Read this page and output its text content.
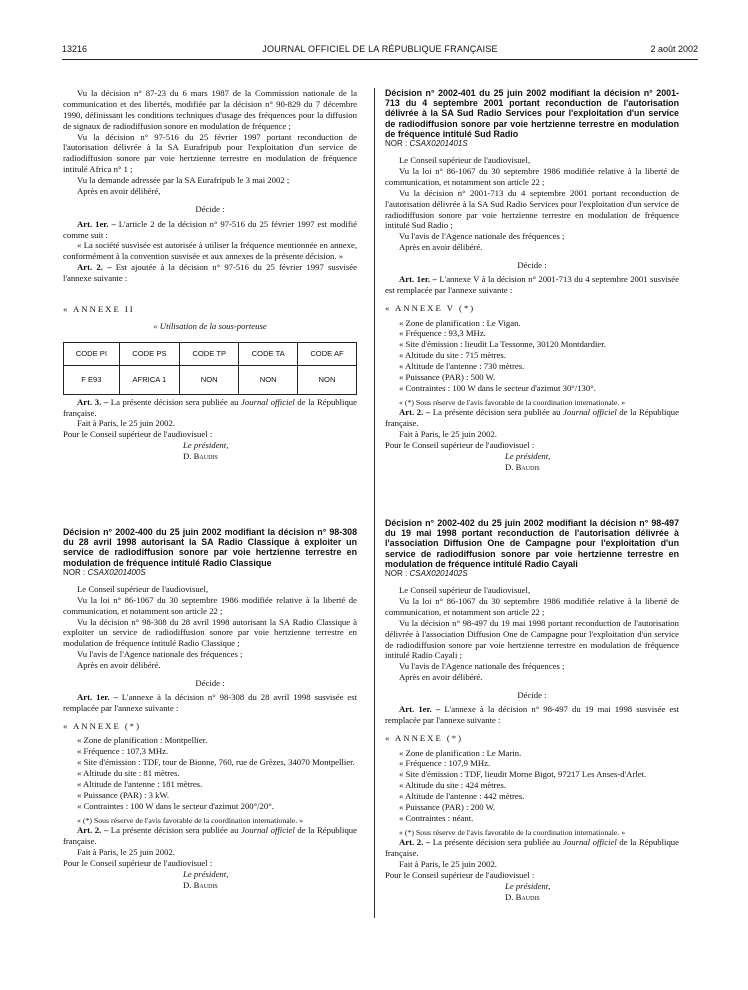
13216	JOURNAL OFFICIEL DE LA RÉPUBLIQUE FRANÇAISE	2 août 2002

Vu la décision n° 87-23 du 6 mars 1987 de la Commission nationale de la communication et des libertés, modifiée par la décision n° 90-829 du 7 décembre 1990, définissant les conditions techniques d'usage des fréquences pour la diffusion de signaux de radiodiffusion sonore en modulation de fréquence ;

Vu la décision n° 97-516 du 25 février 1997 portant reconduction de l'autorisation délivrée à la SA Eurafripub pour l'exploitation d'un service de radiodiffusion sonore par voie hertzienne terrestre en modulation de fréquence intitulé Africa n° 1 ;

Vu la demande adressée par la SA Eurafripub le 3 mai 2002 ;

Après en avoir délibéré,

Décide :

Art. 1er. – L'article 2 de la décision n° 97-516 du 25 février 1997 est modifié comme suit :

« La société susvisée est autorisée à utiliser la fréquence mentionnée en annexe, conformément à la convention susvisée et aux annexes de la présente décision. »

Art. 2. – Est ajoutée à la décision n° 97-516 du 25 février 1997 susvisée l'annexe suivante :

« ANNEXE II

« Utilisation de la sous-porteuse

CODE PI	CODE PS	CODE TP	CODE TA	CODE AF
F E93	AFRICA 1	NON	NON	NON

Art. 3. – La présente décision sera publiée au Journal officiel de la République française.

Fait à Paris, le 25 juin 2002.

Pour le Conseil supérieur de l'audiovisuel :

Le président,

D. Baudis

Décision n° 2002-400 du 25 juin 2002 modifiant la décision n° 98-308 du 28 avril 1998 autorisant la SA Radio Classique à exploiter un service de radiodiffusion sonore par voie hertzienne terrestre en modulation de fréquence intitulé Radio Classique

NOR : CSAX0201400S

Le Conseil supérieur de l'audiovisuel,

Vu la loi n° 86-1067 du 30 septembre 1986 modifiée relative à la liberté de communication, et notamment son article 22 ;

Vu la décision n° 98-308 du 28 avril 1998 autorisant la SA Radio Classique à exploiter un service de radiodiffusion sonore par voie hertzienne terrestre en modulation de fréquence intitulé Radio Classique ;

Vu l'avis de l'Agence nationale des fréquences ;

Après en avoir délibéré.

Décide :

Art. 1er. – L'annexe à la décision n° 98-308 du 28 avril 1998 susvisée est remplacée par l'annexe suivante :

« ANNEXE (*)

« Zone de planification : Montpellier.

« Fréquence : 107,3 MHz.

« Site d'émission : TDF, tour de Bionne, 760, rue de Grèzes, 34070 Montpellier.

« Altitude du site : 81 mètres.

« Altitude de l'antenne : 181 mètres.

« Puissance (PAR) : 3 kW.

« Contraintes : 100 W dans le secteur d'azimut 200°/20°.

« (*) Sous réserve de l'avis favorable de la coordination internationale. »

Art. 2. – La présente décision sera publiée au Journal officiel de la République française.

Fait à Paris, le 25 juin 2002.

Pour le Conseil supérieur de l'audiovisuel :

Le président,

D. Baudis

Décision n° 2002-401 du 25 juin 2002 modifiant la décision n° 2001-713 du 4 septembre 2001 portant reconduction de l'autorisation délivrée à la SA Sud Radio Services pour l'exploitation d'un service de radiodiffusion sonore par voie hertzienne terrestre en modulation de fréquence intitulé Sud Radio

NOR : CSAX0201401S

Le Conseil supérieur de l'audiovisuel,

Vu la loi n° 86-1067 du 30 septembre 1986 modifiée relative à la liberté de communication, et notamment son article 22 ;

Vu la décision n° 2001-713 du 4 septembre 2001 portant reconduction de l'autorisation délivrée à la SA Sud Radio Services pour l'exploitation d'un service de radiodiffusion sonore par voie hertzienne terrestre en modulation de fréquence intitulé Sud Radio ;

Vu l'avis de l'Agence nationale des fréquences ;

Après en avoir délibéré.

Décide :

Art. 1er. – L'annexe V à la décision n° 2001-713 du 4 septembre 2001 susvisée est remplacée par l'annexe suivante :

« ANNEXE V (*)

« Zone de planification : Le Vigan.

« Fréquence : 93,3 MHz.

« Site d'émission : lieudit La Tessonne, 30120 Montdardier.

« Altitude du site : 715 mètres.

« Altitude de l'antenne : 730 mètres.

« Puissance (PAR) : 500 W.

« Contraintes : 100 W dans le secteur d'azimut 30°/130°.

« (*) Sous réserve de l'avis favorable de la coordination internationale. »

Art. 2. – La présente décision sera publiée au Journal officiel de la République française.

Fait à Paris, le 25 juin 2002.

Pour le Conseil supérieur de l'audiovisuel :

Le président,

D. Baudis

Décision n° 2002-402 du 25 juin 2002 modifiant la décision n° 98-497 du 19 mai 1998 portant reconduction de l'autorisation délivrée à l'association Diffusion One de Campagne pour l'exploitation d'un service de radiodiffusion sonore par voie hertzienne terrestre en modulation de fréquence intitulé Radio Cayali

NOR : CSAX0201402S

Le Conseil supérieur de l'audiovisuel,

Vu la loi n° 86-1067 du 30 septembre 1986 modifiée relative à la liberté de communication, et notamment son article 22 ;

Vu la décision n° 98-497 du 19 mai 1998 portant reconduction de l'autorisation délivrée à l'association Diffusion One de Campagne pour l'exploitation d'un service de radiodiffusion sonore par voie hertzienne terrestre en modulation de fréquence intitulé Radio Cayali ;

Vu l'avis de l'Agence nationale des fréquences ;

Après en avoir délibéré.

Décide :

Art. 1er. – L'annexe à la décision n° 98-497 du 19 mai 1998 susvisée est remplacée par l'annexe suivante :

« ANNEXE (*)

« Zone de planification : Le Marin.

« Fréquence : 107,9 MHz.

« Site d'émission : TDF, lieudit Morne Bigot, 97217 Les Anses-d'Arlet.

« Altitude du site : 424 mètres.

« Altitude de l'antenne : 442 mètres.

« Puissance (PAR) : 200 W.

« Contraintes : néant.

« (*) Sous réserve de l'avis favorable de la coordination internationale. »

Art. 2. – La présente décision sera publiée au Journal officiel de la République française.

Fait à Paris, le 25 juin 2002.

Pour le Conseil supérieur de l'audiovisuel :

Le président,

D. Baudis
